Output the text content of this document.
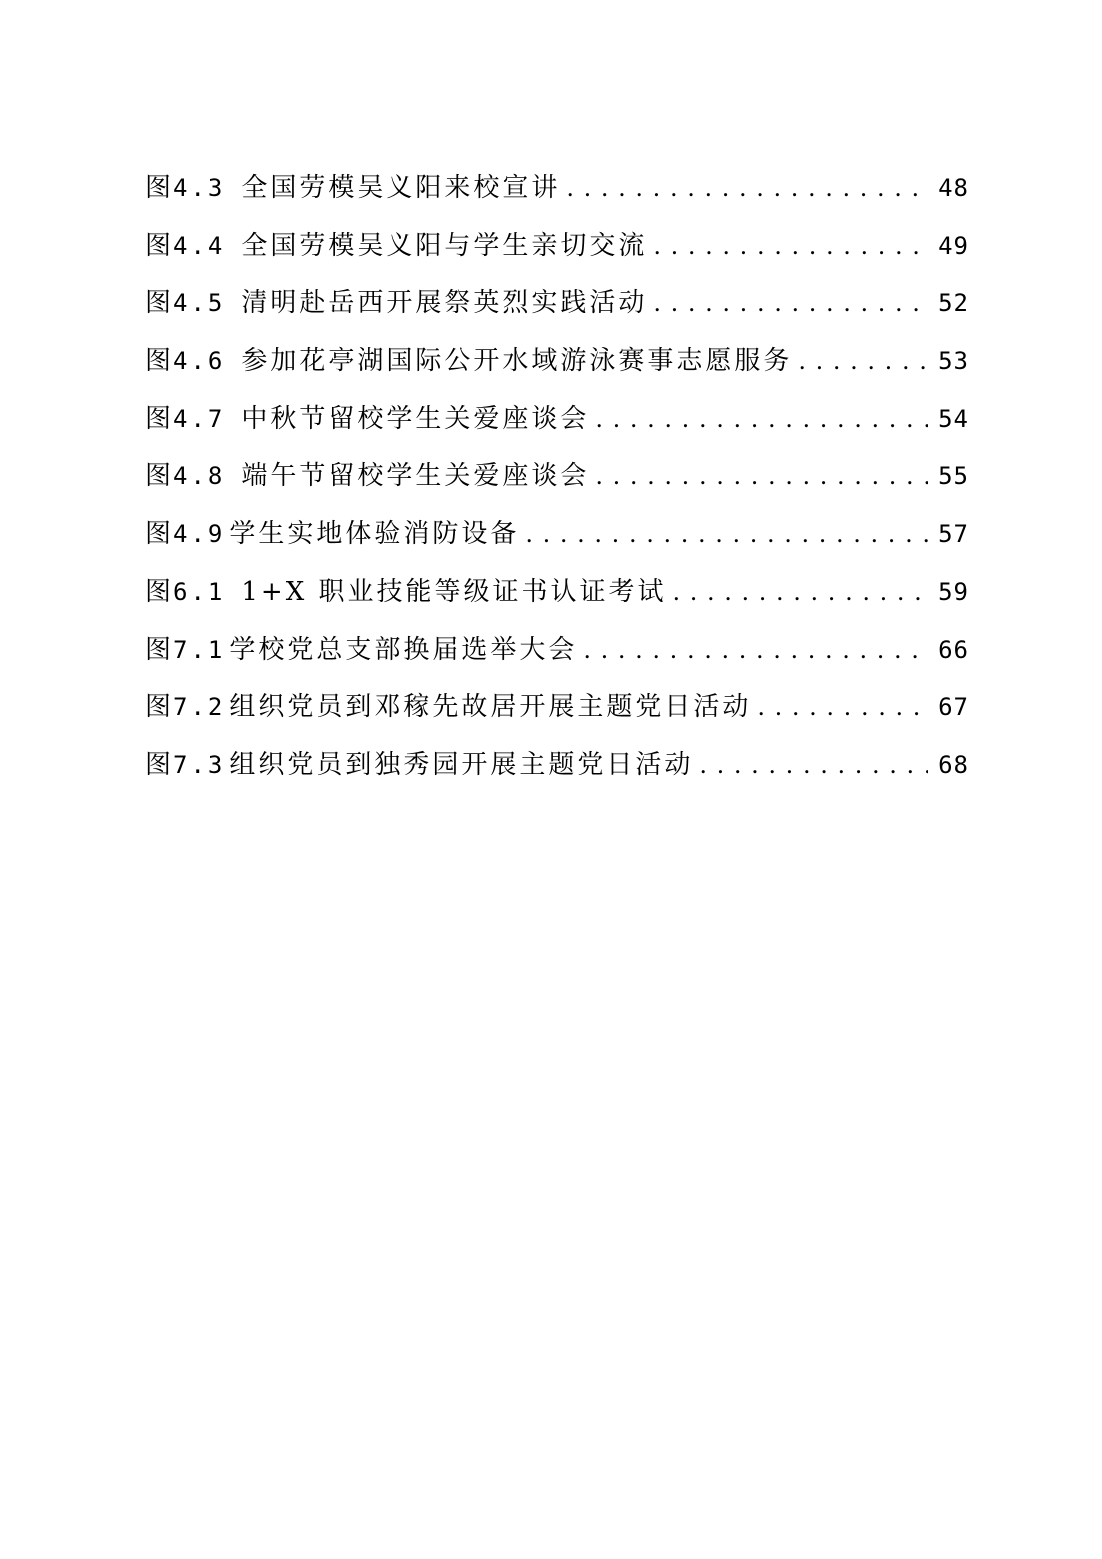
图4.3 全国劳模吴义阳来校宣讲 . . .	48
图4.4 全国劳模吴义阳与学生亲切交流 . . .	49
图4.5 清明赴岳西开展祭英烈实践活动 . . .	52
图4.6 参加花亭湖国际公开水域游泳赛事志愿服务 . . .	53
图4.7 中秋节留校学生关爱座谈会 . . .	54
图4.8 端午节留校学生关爱座谈会 . . .	55
图4.9 学生实地体验消防设备 . . .	57
图6.1 1+X 职业技能等级证书认证考试 . . .	59
图7.1 学校党总支部换届选举大会 . . .	66
图7.2 组织党员到邓稼先故居开展主题党日活动 . . .	67
图7.3 组织党员到独秀园开展主题党日活动 . . .	68
